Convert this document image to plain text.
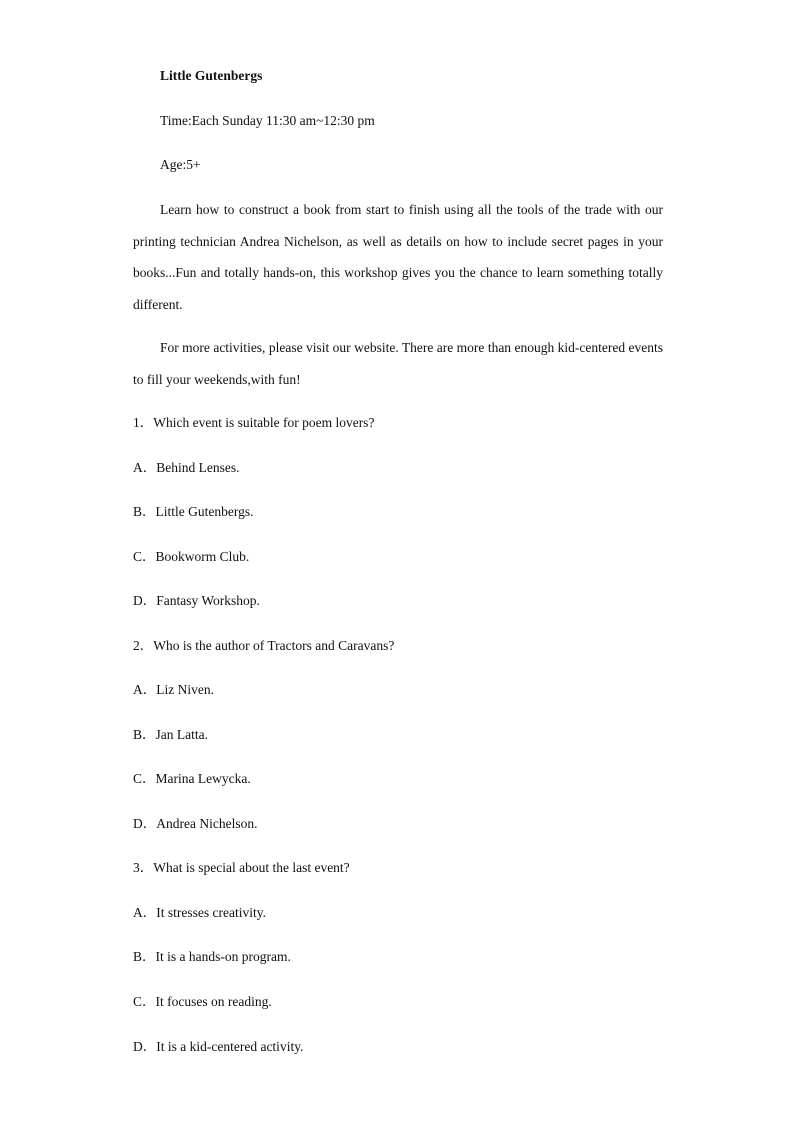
Little Gutenbergs
Time:Each Sunday 11:30 am~12:30 pm
Age:5+
Learn how to construct a book from start to finish using all the tools of the trade with our printing technician Andrea Nichelson, as well as details on how to include secret pages in your books...Fun and totally hands-on, this workshop gives you the chance to learn something totally different.
For more activities, please visit our website. There are more than enough kid-centered events to fill your weekends,with fun!
1．Which event is suitable for poem lovers?
A．Behind Lenses.
B．Little Gutenbergs.
C．Bookworm Club.
D．Fantasy Workshop.
2．Who is the author of Tractors and Caravans?
A．Liz Niven.
B．Jan Latta.
C．Marina Lewycka.
D．Andrea Nichelson.
3．What is special about the last event?
A．It stresses creativity.
B．It is a hands-on program.
C．It focuses on reading.
D．It is a kid-centered activity.
